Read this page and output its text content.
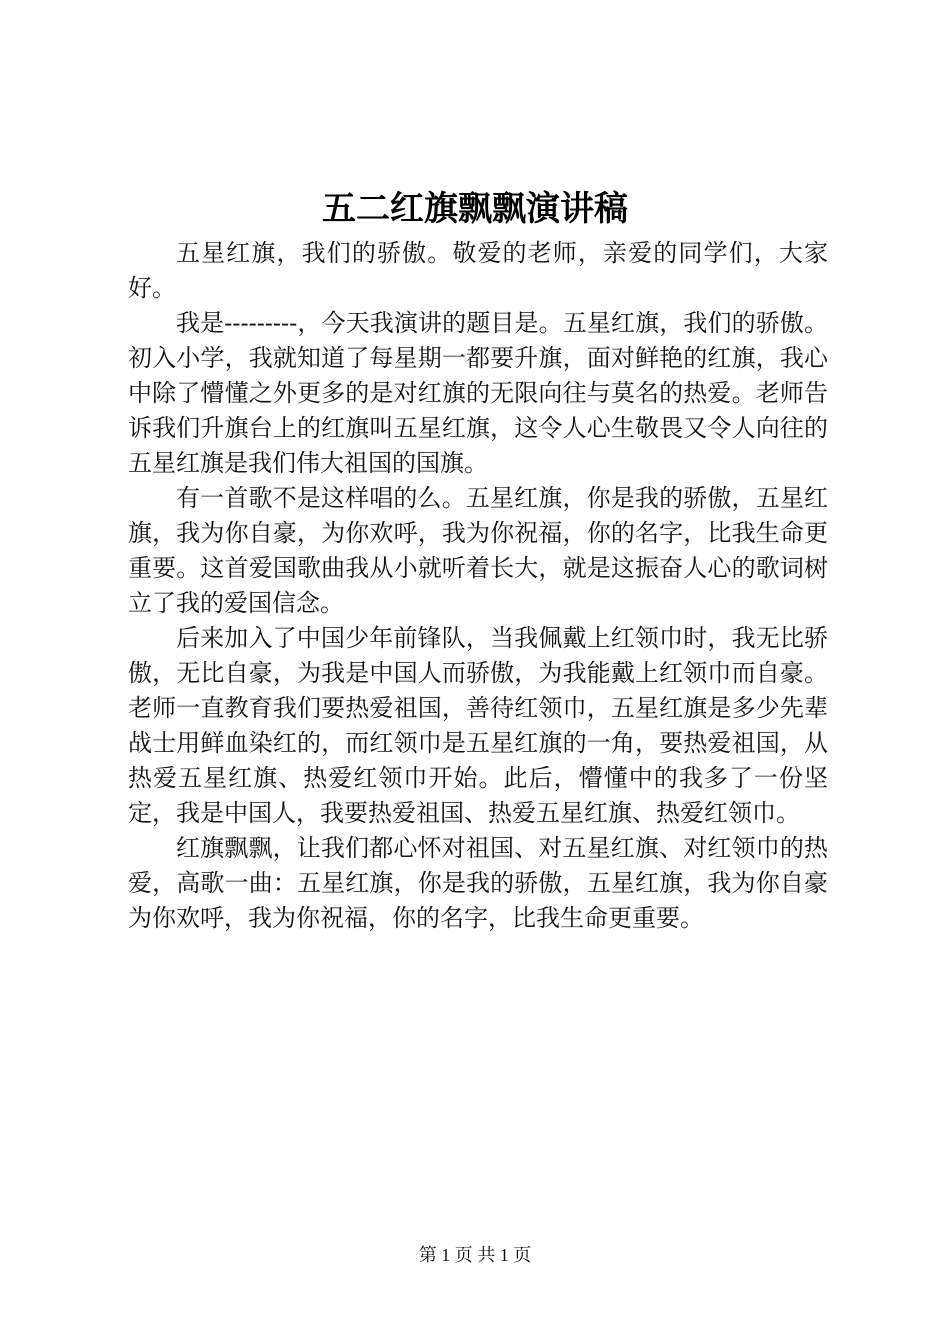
五二红旗飘飘演讲稿

五星红旗，我们的骄傲。敬爱的老师，亲爱的同学们，大家好。

我是---------，今天我演讲的题目是。五星红旗，我们的骄傲。初入小学，我就知道了每星期一都要升旗，面对鲜艳的红旗，我心中除了懵懂之外更多的是对红旗的无限向往与莫名的热爱。老师告诉我们升旗台上的红旗叫五星红旗，这令人心生敬畏又令人向往的五星红旗是我们伟大祖国的国旗。

有一首歌不是这样唱的么。五星红旗，你是我的骄傲，五星红旗，我为你自豪，为你欢呼，我为你祝福，你的名字，比我生命更重要。这首爱国歌曲我从小就听着长大，就是这振奋人心的歌词树立了我的爱国信念。

后来加入了中国少年前锋队，当我佩戴上红领巾时，我无比骄傲，无比自豪，为我是中国人而骄傲，为我能戴上红领巾而自豪。老师一直教育我们要热爱祖国，善待红领巾，五星红旗是多少先辈战士用鲜血染红的，而红领巾是五星红旗的一角，要热爱祖国，从热爱五星红旗、热爱红领巾开始。此后，懵懂中的我多了一份坚定，我是中国人，我要热爱祖国、热爱五星红旗、热爱红领巾。

红旗飘飘，让我们都心怀对祖国、对五星红旗、对红领巾的热爱，高歌一曲：五星红旗，你是我的骄傲，五星红旗，我为你自豪为你欢呼，我为你祝福，你的名字，比我生命更重要。

第 1 页 共 1 页
